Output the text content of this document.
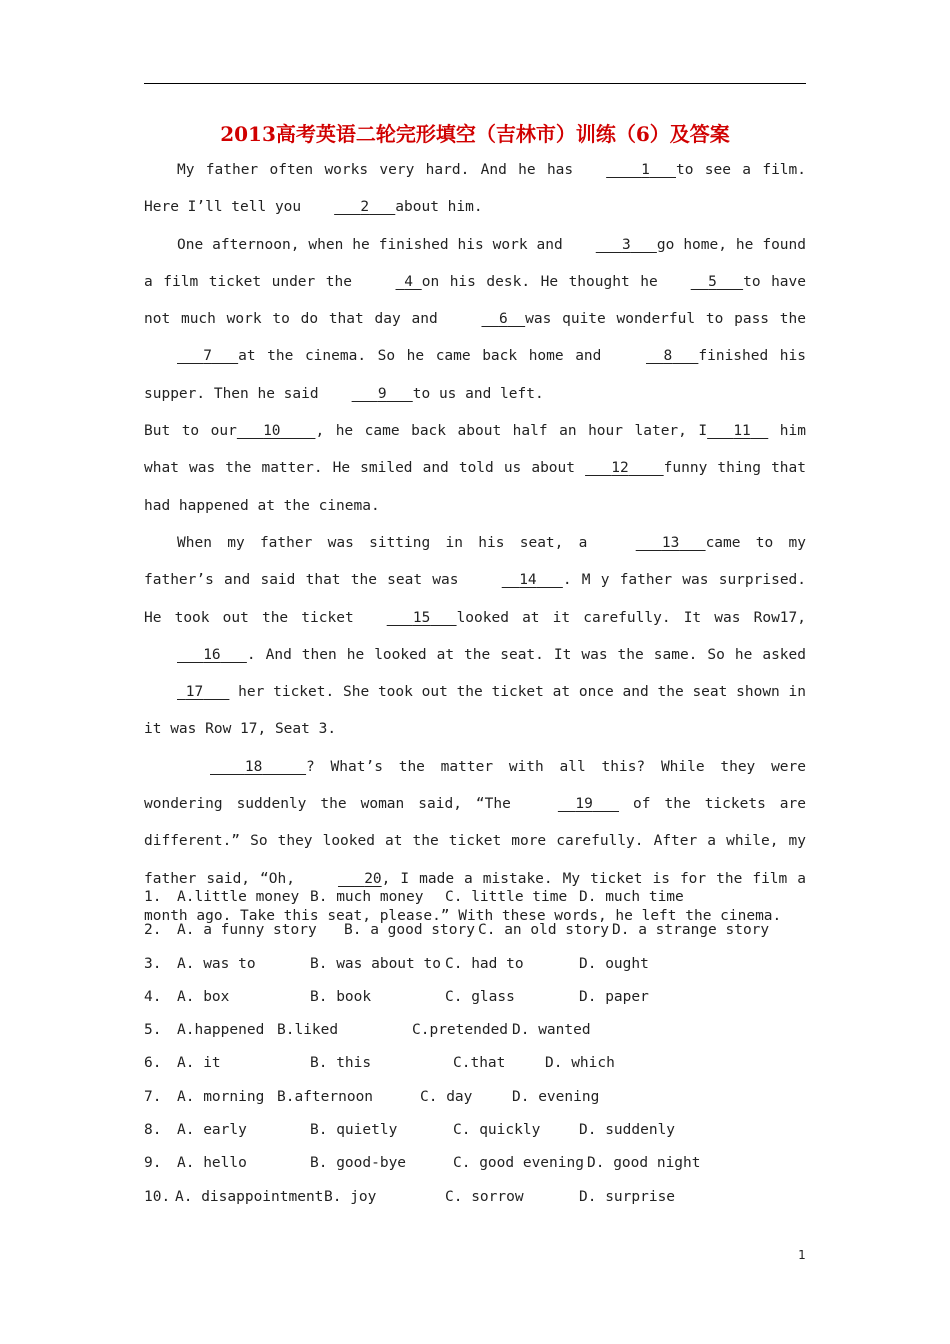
2013高考英语二轮完形填空（吉林市）训练（6）及答案

My father often works very hard. And he has	1 to see a film. Here I’ll tell you	2 about him.

One afternoon, when he finished his work and	3 go home, he found a film ticket under the	4 on his desk. He thought he	5 to have not much work to do that day and	6 was quite wonderful to pass the   7 at the cinema. So he came back home and	8 finished his supper. Then he said	9 to us and left.

But to our 10 , he came back about half an hour later, I 11 him what was the matter. He smiled and told us about	12 funny thing that had happened at the cinema.

When my father was sitting in his seat, a	13 came to my father’s and said that the seat was	14 . M y father was surprised. He took out the ticket	15 looked at it carefully. It was Row17,   16 . And then he looked at the seat. It was the same. So he asked  17 her ticket. She took out the ticket at once and the seat shown in it was Row 17, Seat 3.

18	? What’s the matter with all this? While they were wondering suddenly the woman said, “The	19	of the tickets are different.” So they looked at the ticket more carefully. After a while, my father said, “Oh,	20, I made a mistake. My ticket is for the film a month ago. Take this seat, please.” With these words, he left the cinema.

1. A.little money B. much money C. little time D. much time
2. A. a funny story B. a good story C. an old story D. a strange story
3. A. was to	B. was about to C. had to	D. ought
4. A. box	B. book	C. glass	D. paper
5. A.happened B.liked	C.pretended D. wanted
6. A. it	B. this	C.that	D. which
7. A. morning B.afternoon	C. day	D. evening
8. A. early	B. quietly	C. quickly	D. suddenly
9. A. hello	B. good-bye	C. good evening D. good night
10. A. disappointment B. joy	C. sorrow	D. surprise
1
